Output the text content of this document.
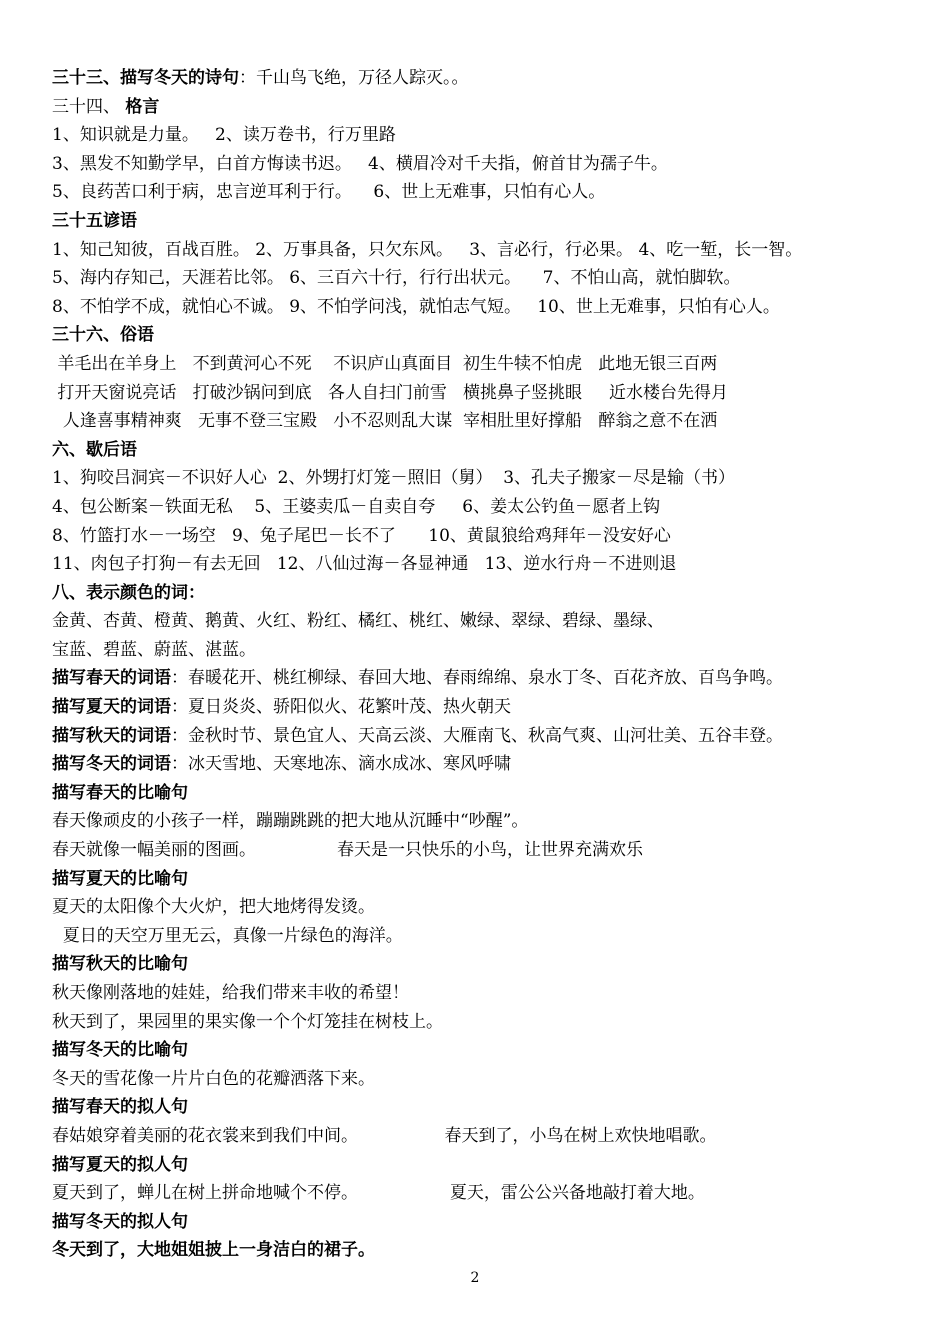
三十三、描写冬天的诗句：千山鸟飞绝，万径人踪灭。。
三十四、 格言
1、知识就是力量。   2、读万卷书，行万里路
3、黑发不知勤学早，白首方悔读书迟。   4、横眉冷对千夫指，俯首甘为孺子牛。
5、良药苦口利于病，忠言逆耳利于行。    6、世上无难事，只怕有心人。
三十五谚语
1、知己知彼，百战百胜。 2、万事具备，只欠东风。   3、言必行，行必果。 4、吃一堑，长一智。
5、海内存知己，天涯若比邻。 6、三百六十行，行行出状元。    7、不怕山高，就怕脚软。
8、不怕学不成，就怕心不诚。 9、不怕学问浅，就怕志气短。   10、世上无难事，只怕有心人。
三十六、俗语
羊毛出在羊身上   不到黄河心不死    不识庐山真面目  初生牛犊不怕虎   此地无银三百两
打开天窗说亮话   打破沙锅问到底   各人自扫门前雪   横挑鼻子竖挑眼     近水楼台先得月
人逢喜事精神爽   无事不登三宝殿   小不忍则乱大谋  宰相肚里好撑船   醉翁之意不在洒
六、歇后语
1、狗咬吕洞宾－不识好人心  2、外甥打灯笼－照旧（舅）  3、孔夫子搬家－尽是输（书）
4、包公断案－铁面无私    5、王婆卖瓜－自卖自夸     6、姜太公钓鱼－愿者上钩
8、竹篮打水－一场空   9、兔子尾巴－长不了      10、黄鼠狼给鸡拜年－没安好心
11、肉包子打狗－有去无回   12、八仙过海－各显神通   13、逆水行舟－不进则退
八、表示颜色的词：
金黄、杏黄、橙黄、鹅黄、火红、粉红、橘红、桃红、嫩绿、翠绿、碧绿、墨绿、
宝蓝、碧蓝、蔚蓝、湛蓝。
描写春天的词语：春暖花开、桃红柳绿、春回大地、春雨绵绵、泉水丁冬、百花齐放、百鸟争鸣。
描写夏天的词语：夏日炎炎、骄阳似火、花繁叶茂、热火朝天
描写秋天的词语：金秋时节、景色宜人、天高云淡、大雁南飞、秋高气爽、山河壮美、五谷丰登。
描写冬天的词语：冰天雪地、天寒地冻、滴水成冰、寒风呼啸
描写春天的比喻句
春天像顽皮的小孩子一样，蹦蹦跳跳的把大地从沉睡中“吵醒”。
春天就像一幅美丽的图画。               春天是一只快乐的小鸟，让世界充满欢乐
描写夏天的比喻句
夏天的太阳像个大火炉，把大地烤得发烫。
夏日的天空万里无云，真像一片绿色的海洋。
描写秋天的比喻句
秋天像刚落地的娃娃，给我们带来丰收的希望！
秋天到了，果园里的果实像一个个灯笼挂在树枝上。
描写冬天的比喻句
冬天的雪花像一片片白色的花瓣洒落下来。
描写春天的拟人句
春姑娘穿着美丽的花衣裳来到我们中间。                春天到了，小鸟在树上欢快地唱歌。
描写夏天的拟人句
夏天到了，蝉儿在树上拼命地喊个不停。                 夏天，雷公公兴备地敲打着大地。
描写冬天的拟人句
冬天到了，大地姐姐披上一身洁白的裙子。
2
